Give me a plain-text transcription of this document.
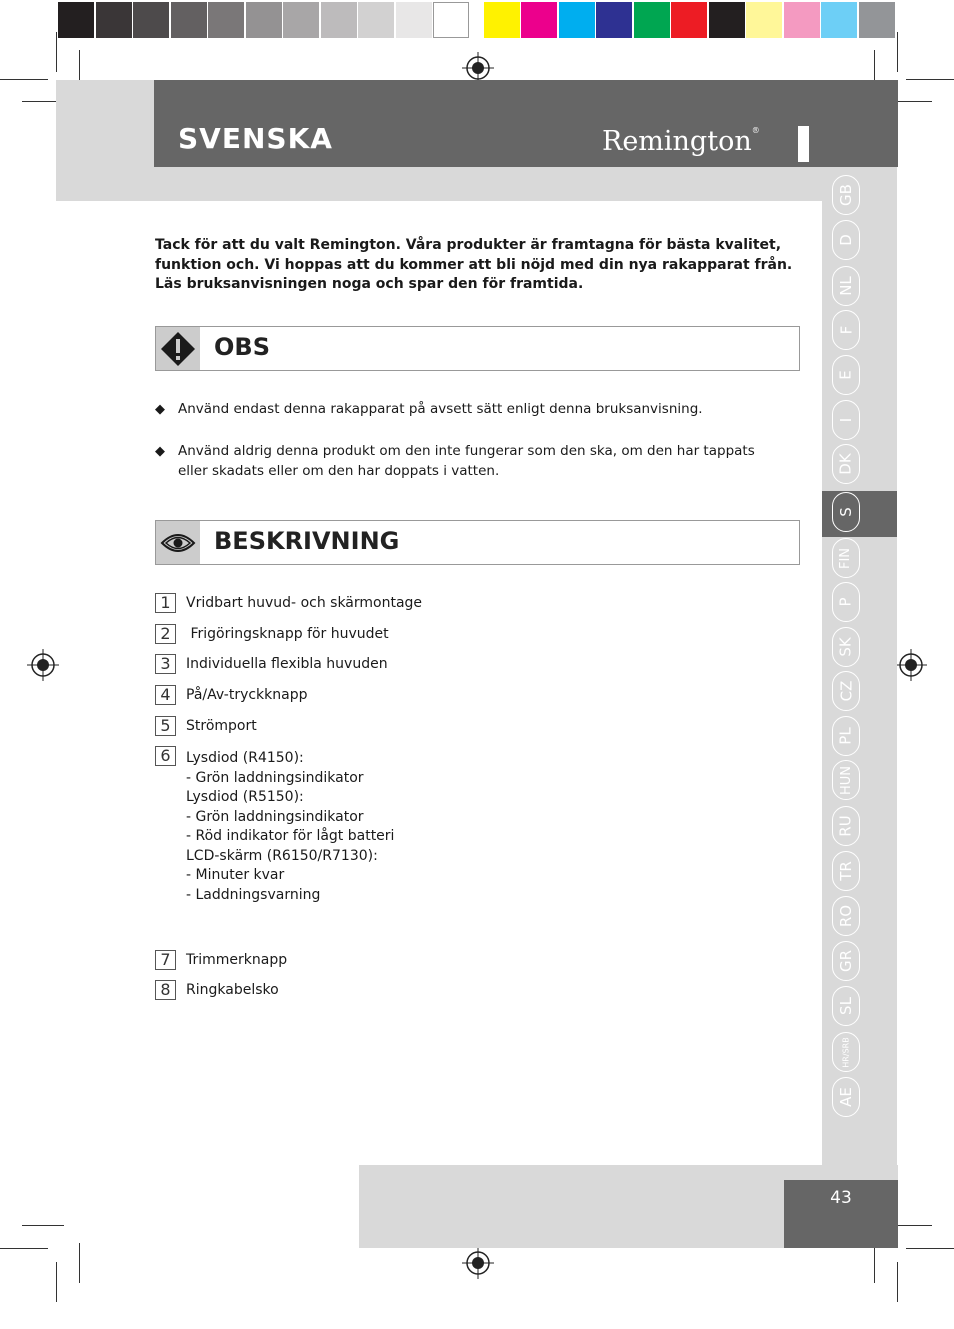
SVENSKA	Remington®
Tack för att du valt Remington. Våra produkter är framtagna för bästa kvalitet, funktion och. Vi hoppas att du kommer att bli nöjd med din nya rakapparat från. Läs bruksanvisningen noga och spar den för framtida.
OBS
◆ Använd endast denna rakapparat på avsett sätt enligt denna bruksanvisning.
◆ Använd aldrig denna produkt om den inte fungerar som den ska, om den har tappats eller skadats eller om den har doppats i vatten.
BESKRIVNING
1	Vridbart huvud- och skärmontage
2	Frigöringsknapp för huvudet
3	Individuella flexibla huvuden
4	På/Av-tryckknapp
5	Strömport
6	Lysdiod (R4150):
- Grön laddningsindikator
Lysdiod (R5150):
- Grön laddningsindikator
- Röd indikator för lågt batteri
LCD-skärm (R6150/R7130):
- Minuter kvar
- Laddningsvarning
7	Trimmerknapp
8	Ringkabelsko
GB
D
NL
F
E
I
DK
S
FIN
P
SK
CZ
PL
HUN
RU
TR
RO
GR
SL
HR/SRB
AE
43
